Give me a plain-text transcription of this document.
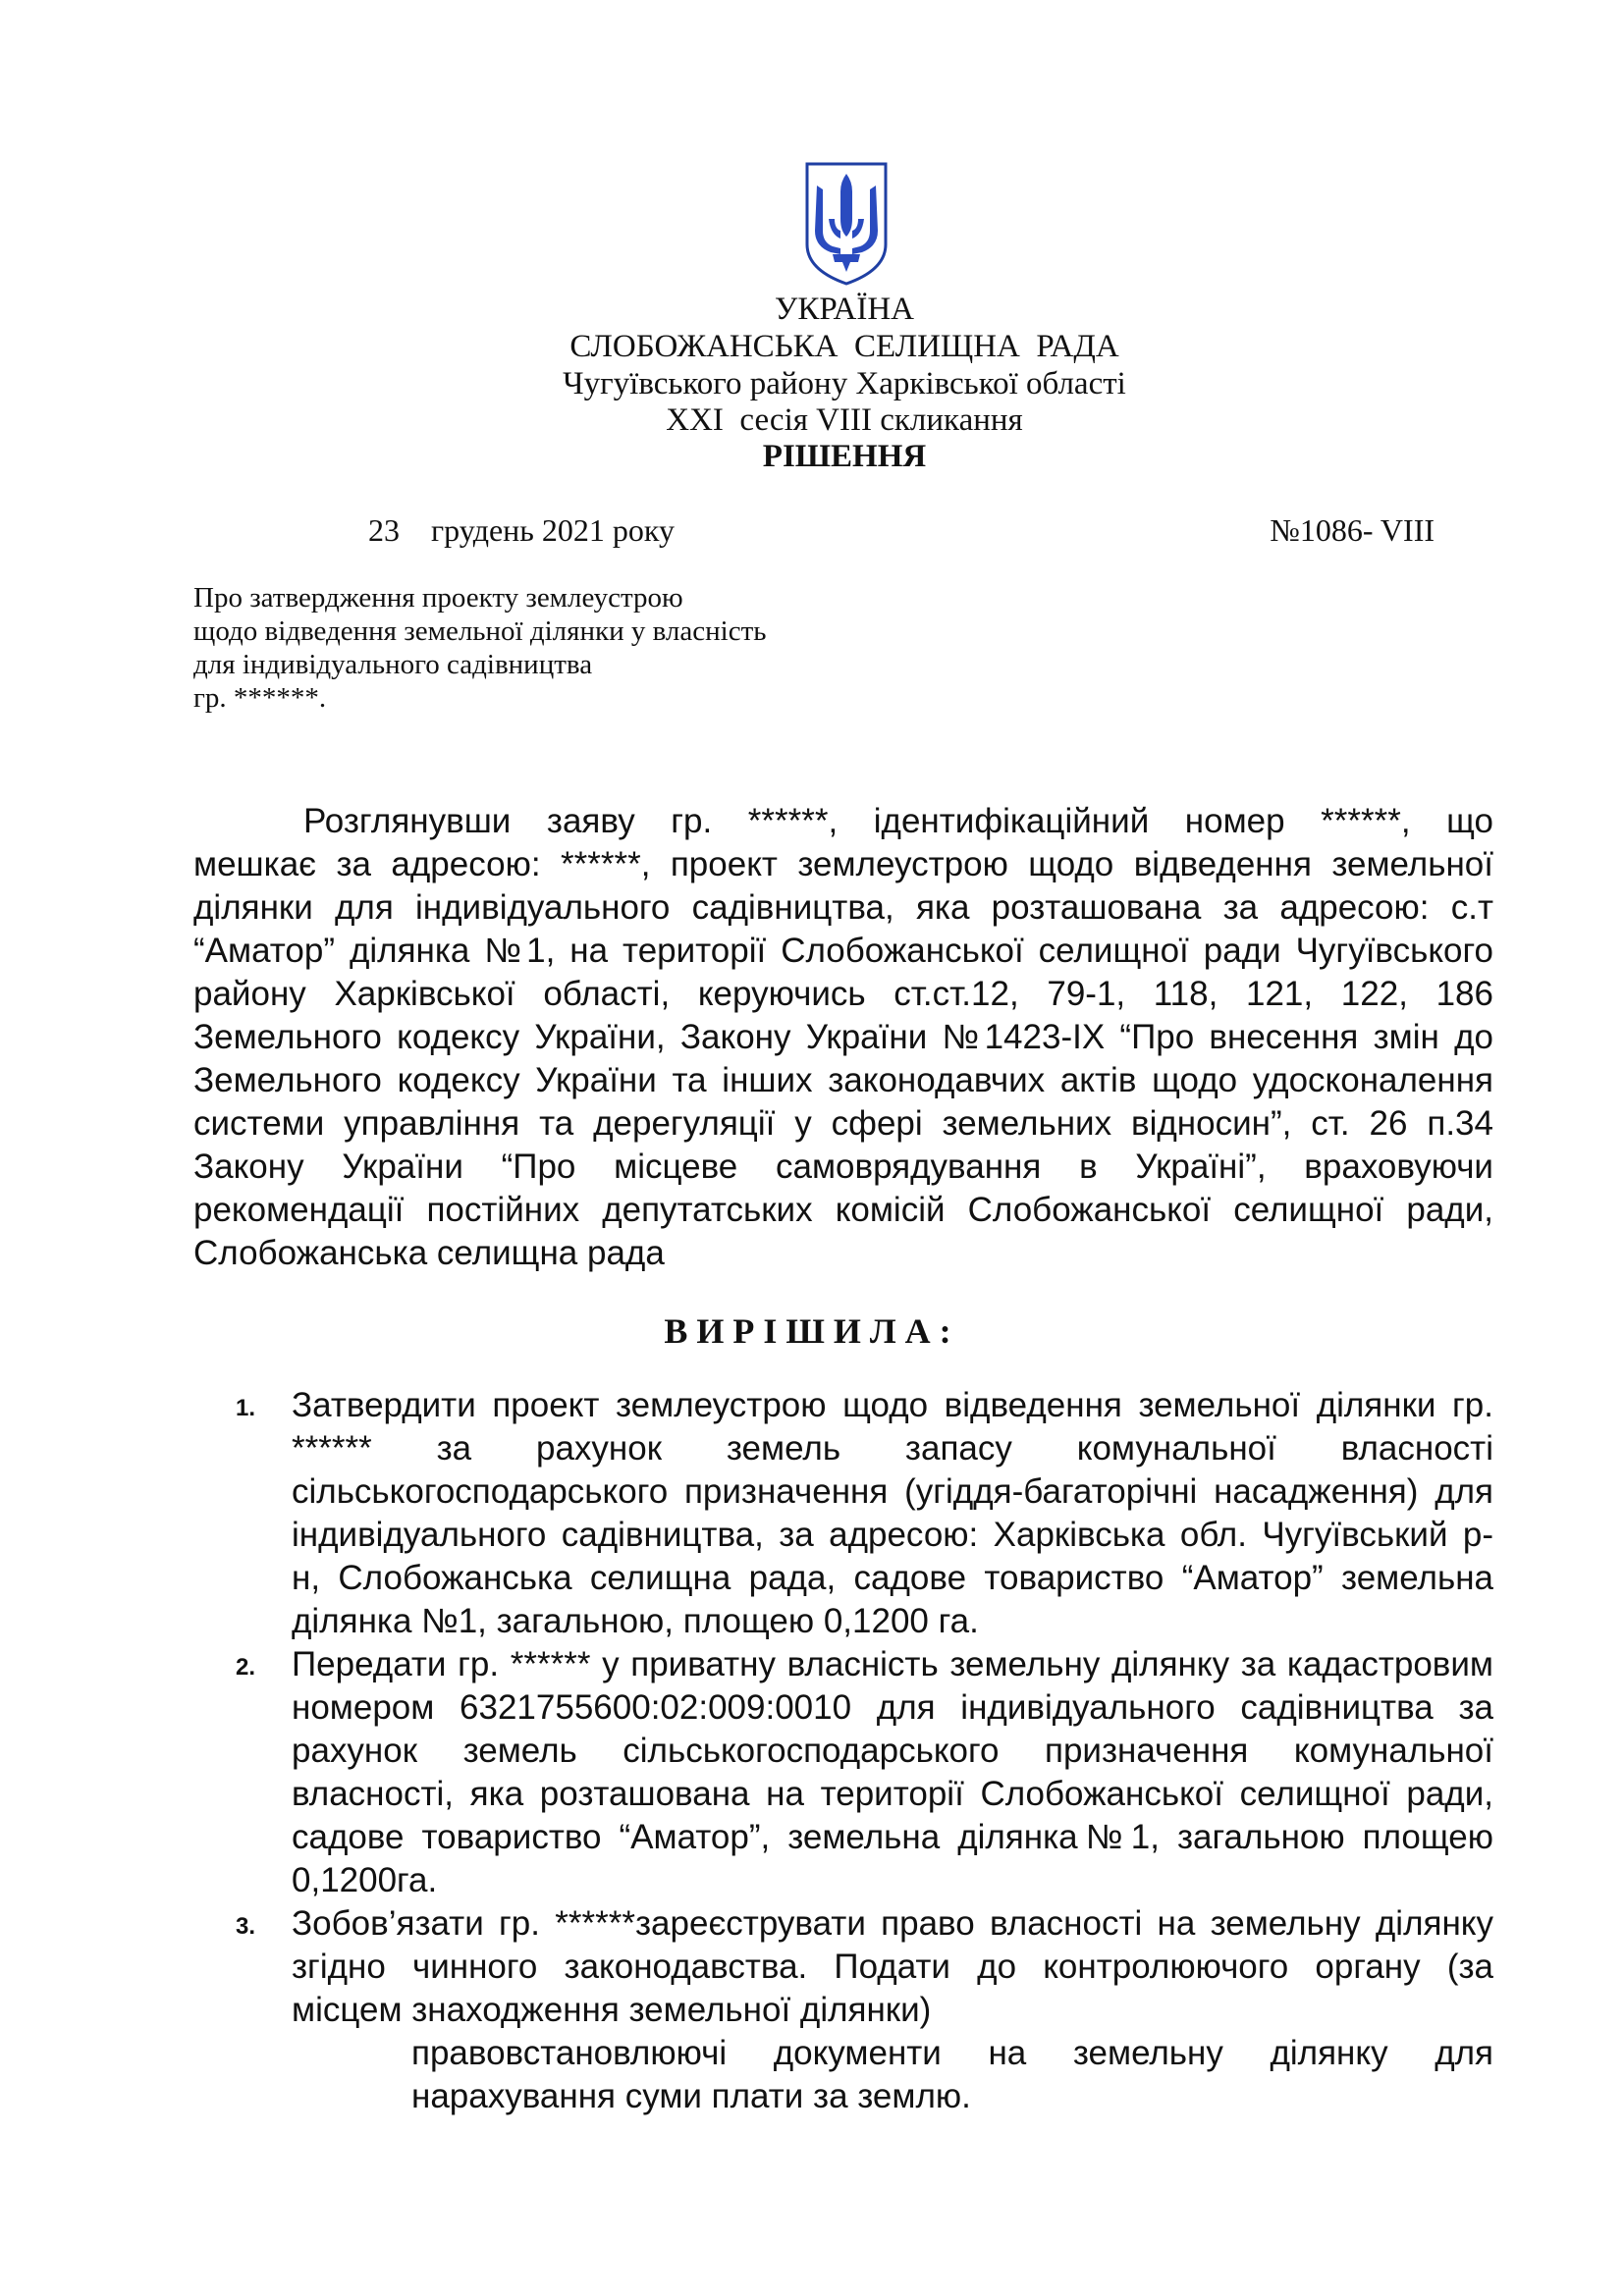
УКРАЇНА
СЛОБОЖАНСЬКА  СЕЛИЩНА  РАДА
Чугуївського району Харківської області
XXI  сесія VIII скликання
РІШЕННЯ
23    грудень 2021 року	№1086- VIII
Про затвердження проекту землеустрою
щодо відведення земельної ділянки у власність
для індивідуального садівництва
гр. ******.
Розглянувши заяву гр. ******, ідентифікаційний номер ******, що
мешкає за адресою: ******, проект землеустрою щодо відведення земельної
ділянки для індивідуального садівництва, яка розташована за адресою: с.т
“Аматор” ділянка №1, на території Слобожанської селищної ради Чугуївського
району Харківської області, керуючись ст.ст.12, 79-1, 118, 121, 122, 186
Земельного кодексу України, Закону України №1423-IX “Про внесення змін до
Земельного кодексу України та інших законодавчих актів щодо удосконалення
системи управління та дерегуляції у сфері земельних відносин”, ст. 26 п.34
Закону України “Про місцеве самоврядування в Україні”, враховуючи
рекомендації постійних депутатських комісій Слобожанської селищної ради,
Слобожанська селищна рада
ВИРІШИЛА:
1. Затвердити проект землеустрою щодо відведення земельної ділянки гр.
****** за рахунок земель запасу комунальної власності
сільськогосподарського призначення (угіддя-багаторічні насадження) для
індивідуального садівництва, за адресою: Харківська обл. Чугуївський р-
н, Слобожанська селищна рада, садове товариство “Аматор” земельна
ділянка №1, загальною, площею 0,1200 га.
2. Передати гр. ****** у приватну власність земельну ділянку за кадастровим
номером 6321755600:02:009:0010 для індивідуального садівництва за
рахунок земель сільськогосподарського призначення комунальної
власності, яка розташована на території Слобожанської селищної ради,
садове товариство “Аматор”, земельна ділянка№1, загальною площею
0,1200га.
3. Зобов’язати гр. ******зареєструвати право власності на земельну ділянку
згідно чинного законодавства. Подати до контролюючого органу (за
місцем знаходження земельної ділянки)
правовстановлюючі документи на земельну ділянку для
нарахування суми плати за землю.
